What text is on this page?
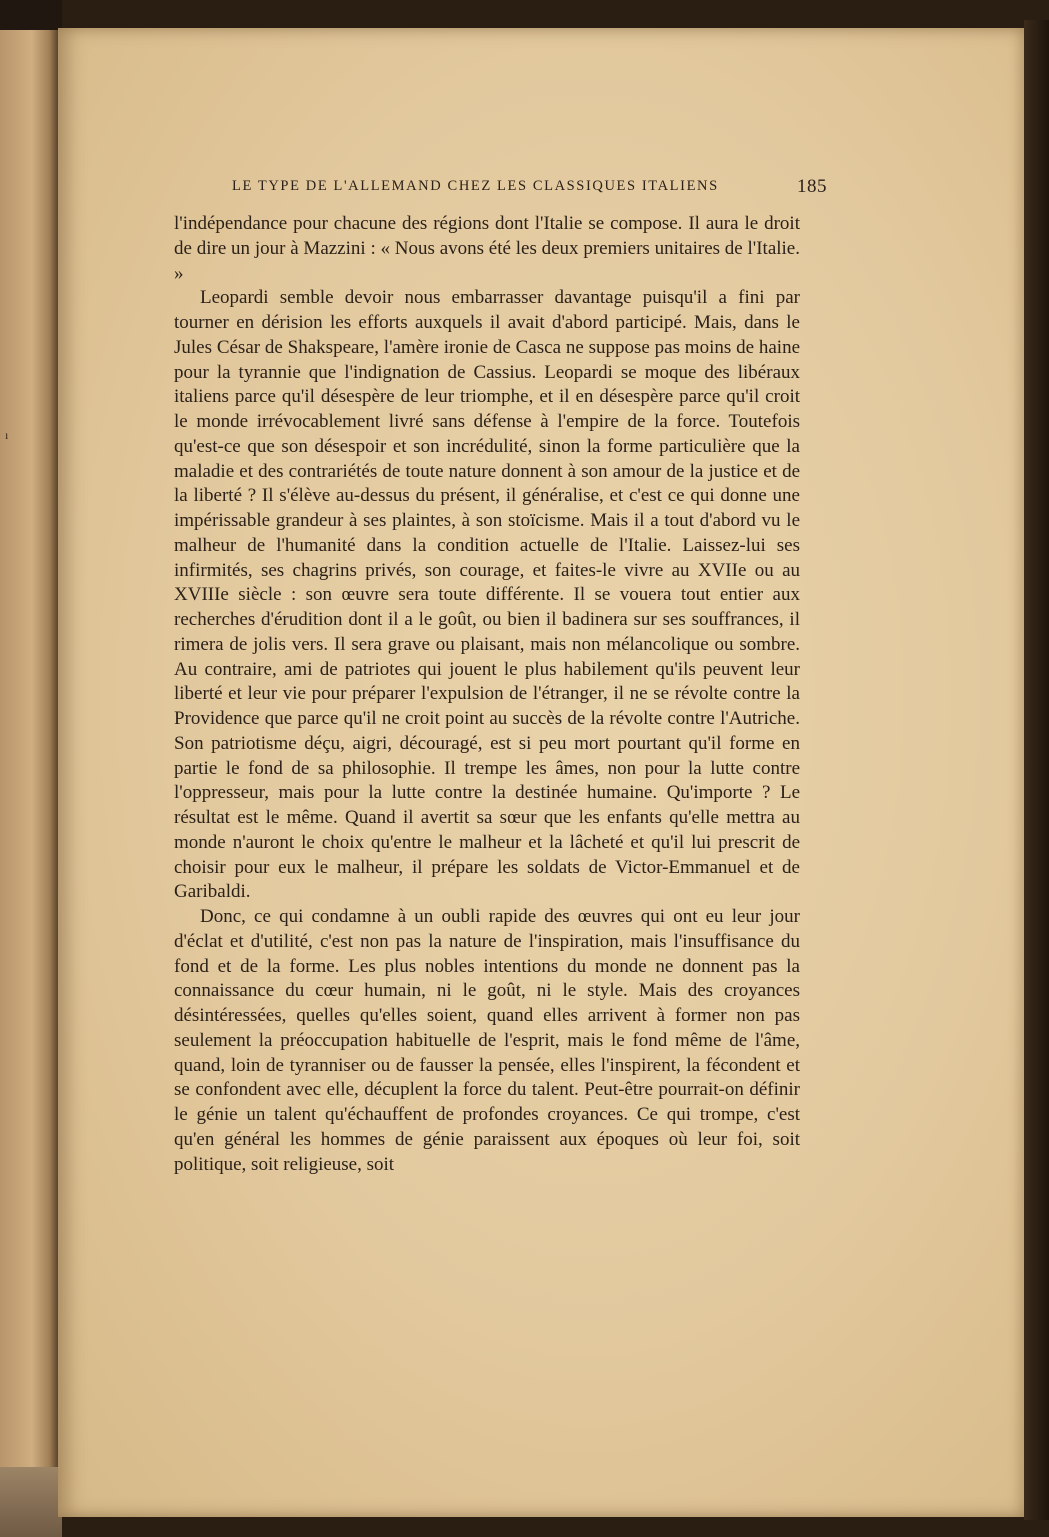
LE TYPE DE L'ALLEMAND CHEZ LES CLASSIQUES ITALIENS	185

l'indépendance pour chacune des régions dont l'Italie se compose. Il aura le droit de dire un jour à Mazzini : « Nous avons été les deux premiers unitaires de l'Italie. »

Leopardi semble devoir nous embarrasser davantage puisqu'il a fini par tourner en dérision les efforts auxquels il avait d'abord participé. Mais, dans le Jules César de Shakspeare, l'amère ironie de Casca ne suppose pas moins de haine pour la tyrannie que l'indignation de Cassius. Leopardi se moque des libéraux italiens parce qu'il désespère de leur triomphe, et il en désespère parce qu'il croit le monde irrévocablement livré sans défense à l'empire de la force. Toutefois qu'est-ce que son désespoir et son incrédulité, sinon la forme particulière que la maladie et des contrariétés de toute nature donnent à son amour de la justice et de la liberté ? Il s'élève au-dessus du présent, il généralise, et c'est ce qui donne une impérissable grandeur à ses plaintes, à son stoïcisme. Mais il a tout d'abord vu le malheur de l'humanité dans la condition actuelle de l'Italie. Laissez-lui ses infirmités, ses chagrins privés, son courage, et faites-le vivre au XVIIe ou au XVIIIe siècle : son œuvre sera toute différente. Il se vouera tout entier aux recherches d'érudition dont il a le goût, ou bien il badinera sur ses souffrances, il rimera de jolis vers. Il sera grave ou plaisant, mais non mélancolique ou sombre. Au contraire, ami de patriotes qui jouent le plus habilement qu'ils peuvent leur liberté et leur vie pour préparer l'expulsion de l'étranger, il ne se révolte contre la Providence que parce qu'il ne croit point au succès de la révolte contre l'Autriche. Son patriotisme déçu, aigri, découragé, est si peu mort pourtant qu'il forme en partie le fond de sa philosophie. Il trempe les âmes, non pour la lutte contre l'oppresseur, mais pour la lutte contre la destinée humaine. Qu'importe ? Le résultat est le même. Quand il avertit sa sœur que les enfants qu'elle mettra au monde n'auront le choix qu'entre le malheur et la lâcheté et qu'il lui prescrit de choisir pour eux le malheur, il prépare les soldats de Victor-Emmanuel et de Garibaldi.

Donc, ce qui condamne à un oubli rapide des œuvres qui ont eu leur jour d'éclat et d'utilité, c'est non pas la nature de l'inspiration, mais l'insuffisance du fond et de la forme. Les plus nobles intentions du monde ne donnent pas la connaissance du cœur humain, ni le goût, ni le style. Mais des croyances désintéressées, quelles qu'elles soient, quand elles arrivent à former non pas seulement la préoccupation habituelle de l'esprit, mais le fond même de l'âme, quand, loin de tyranniser ou de fausser la pensée, elles l'inspirent, la fécondent et se confondent avec elle, décuplent la force du talent. Peut-être pourrait-on définir le génie un talent qu'échauffent de profondes croyances. Ce qui trompe, c'est qu'en général les hommes de génie paraissent aux époques où leur foi, soit politique, soit religieuse, soit

ı
